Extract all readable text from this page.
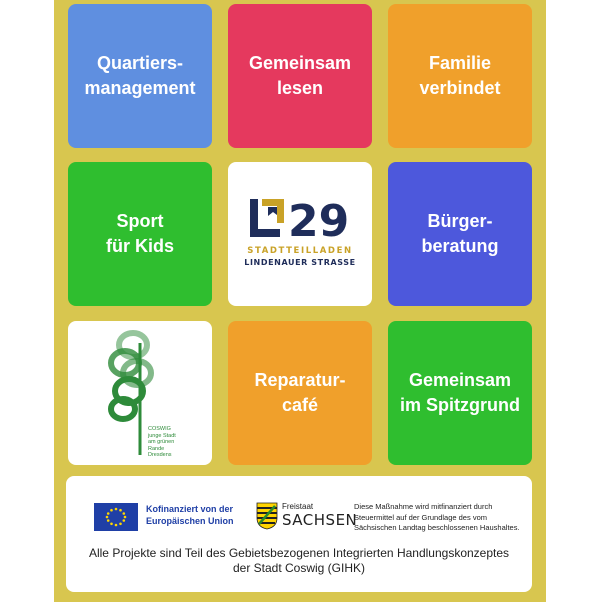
Quartiers-
management
Gemeinsam
lesen
Familie
verbindet
Sport
für Kids	29
STADTTEILLADEN
LINDENAUER STRASSE
Bürger-
beratung
COSWIG
junge Stadt
am grünen
Rande
Dresdens
Reparatur-
café
Gemeinsam
im Spitzgrund
Kofinanziert von der
Europäischen Union
Freistaat
SACHSEN
Diese Maßnahme wird mitfinanziert durch
Steuermittel auf der Grundlage des vom
Sächsischen Landtag beschlossenen Haushaltes.
Alle Projekte sind Teil des Gebietsbezogenen Integrierten Handlungskonzeptes
der Stadt Coswig (GIHK)
